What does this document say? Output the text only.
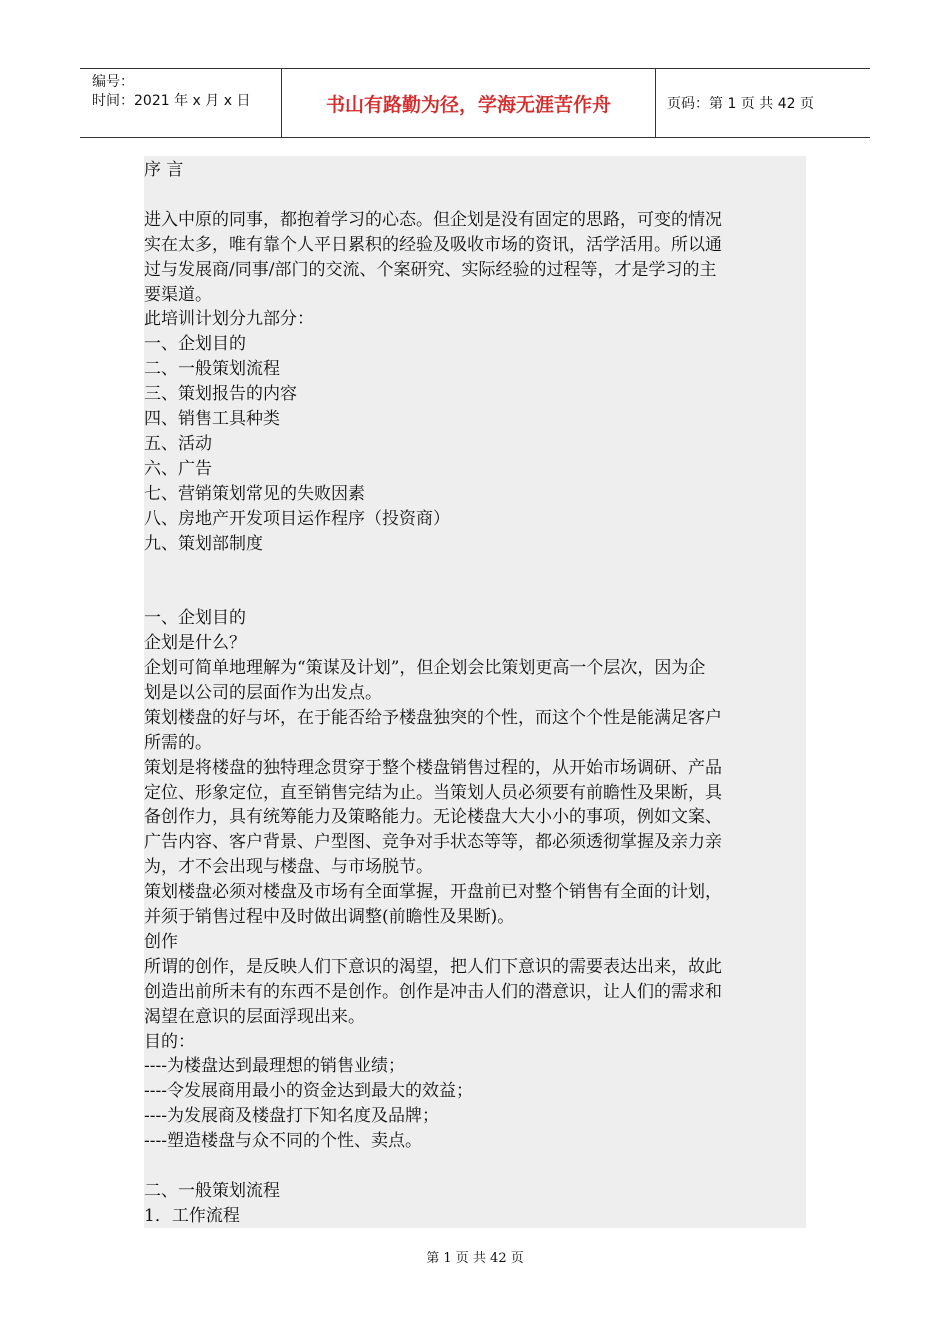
编号：
时间：2021 年 x 月 x 日	书山有路勤为径，学海无涯苦作舟	页码：第 1 页 共 42 页
序 言
进入中原的同事，都抱着学习的心态。但企划是没有固定的思路，可变的情况
实在太多，唯有靠个人平日累积的经验及吸收市场的资讯，活学活用。所以通
过与发展商/同事/部门的交流、个案研究、实际经验的过程等，才是学习的主
要渠道。
此培训计划分九部分：
一、企划目的
二、一般策划流程
三、策划报告的内容
四、销售工具种类
五、活动
六、广告
七、营销策划常见的失败因素
八、房地产开发项目运作程序（投资商）
九、策划部制度
一、企划目的
企划是什么？
企划可简单地理解为“策谋及计划”，但企划会比策划更高一个层次，因为企
划是以公司的层面作为出发点。
策划楼盘的好与坏，在于能否给予楼盘独突的个性，而这个个性是能满足客户
所需的。
策划是将楼盘的独特理念贯穿于整个楼盘销售过程的，从开始市场调研、产品
定位、形象定位，直至销售完结为止。当策划人员必须要有前瞻性及果断，具
备创作力，具有统筹能力及策略能力。无论楼盘大大小小的事项，例如文案、
广告内容、客户背景、户型图、竞争对手状态等等，都必须透彻掌握及亲力亲
为，才不会出现与楼盘、与市场脱节。
策划楼盘必须对楼盘及市场有全面掌握，开盘前已对整个销售有全面的计划，
并须于销售过程中及时做出调整(前瞻性及果断)。
创作
所谓的创作，是反映人们下意识的渴望，把人们下意识的需要表达出来，故此
创造出前所未有的东西不是创作。创作是冲击人们的潜意识，让人们的需求和
渴望在意识的层面浮现出来。
目的：
----为楼盘达到最理想的销售业绩；
----令发展商用最小的资金达到最大的效益；
----为发展商及楼盘打下知名度及品牌；
----塑造楼盘与众不同的个性、卖点。
二、一般策划流程
1．工作流程
第 1 页 共 42 页
